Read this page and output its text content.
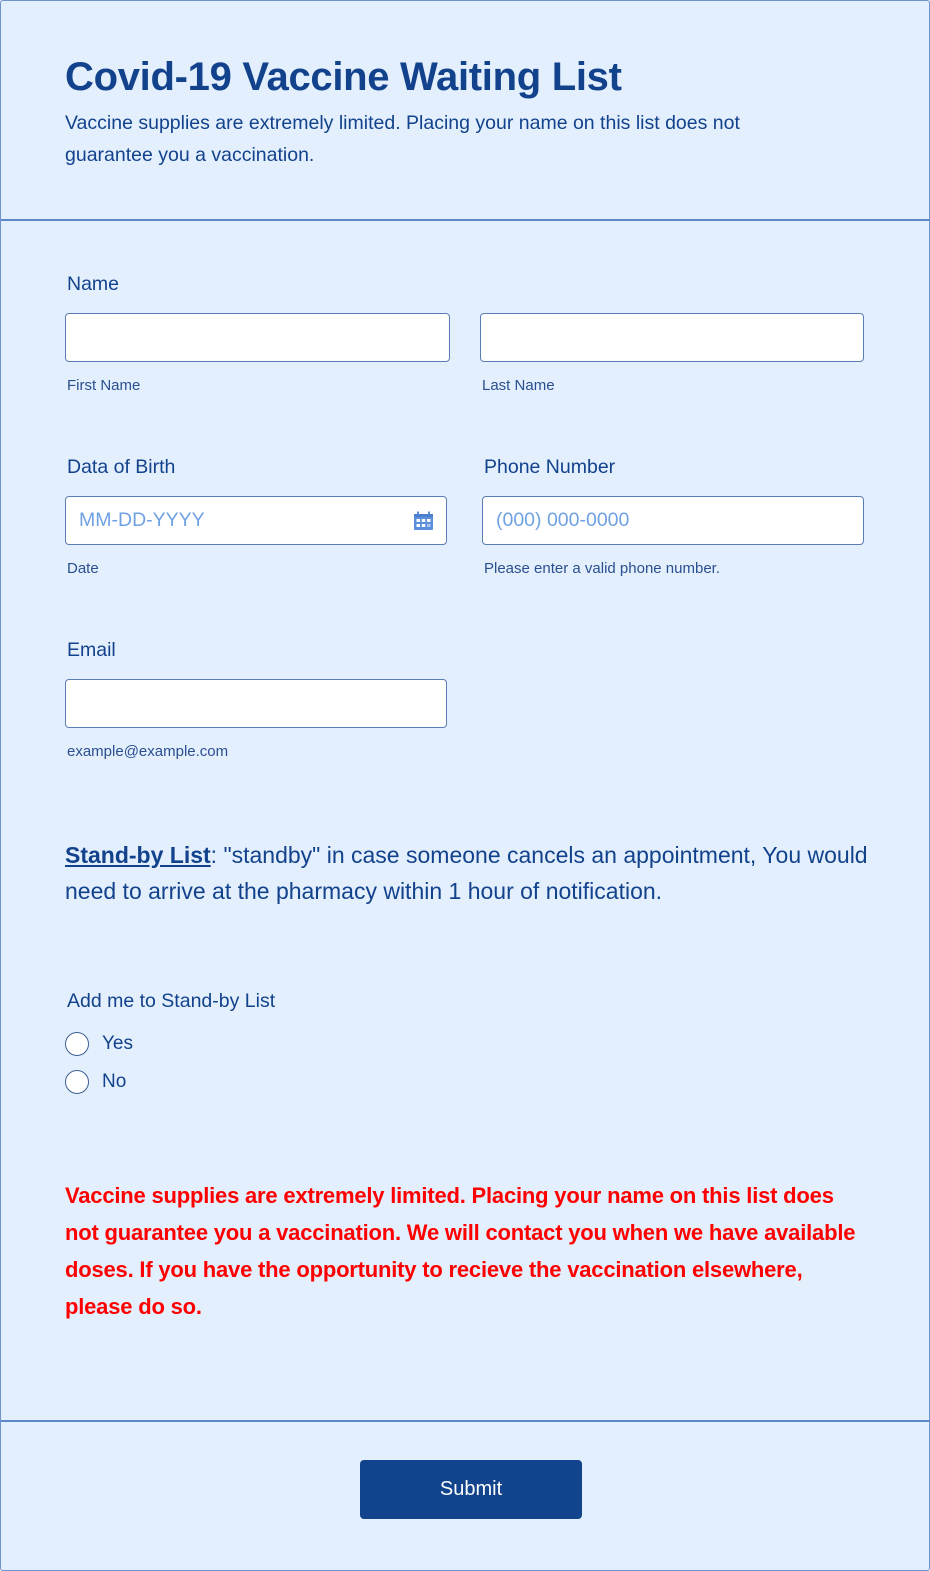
Covid-19 Vaccine Waiting List
Vaccine supplies are extremely limited. Placing your name on this list does not guarantee you a vaccination.
Name
First Name	Last Name
Data of Birth
MM-DD-YYYY
Date
Phone Number
(000) 000-0000
Please enter a valid phone number.
Email
example@example.com
Stand-by List: "standby" in case someone cancels an appointment, You would need to arrive at the pharmacy within 1 hour of notification.
Add me to Stand-by List
Yes
No
Vaccine supplies are extremely limited. Placing your name on this list does not guarantee you a vaccination. We will contact you when we have available doses. If you have the opportunity to recieve the vaccination elsewhere, please do so.
Submit
